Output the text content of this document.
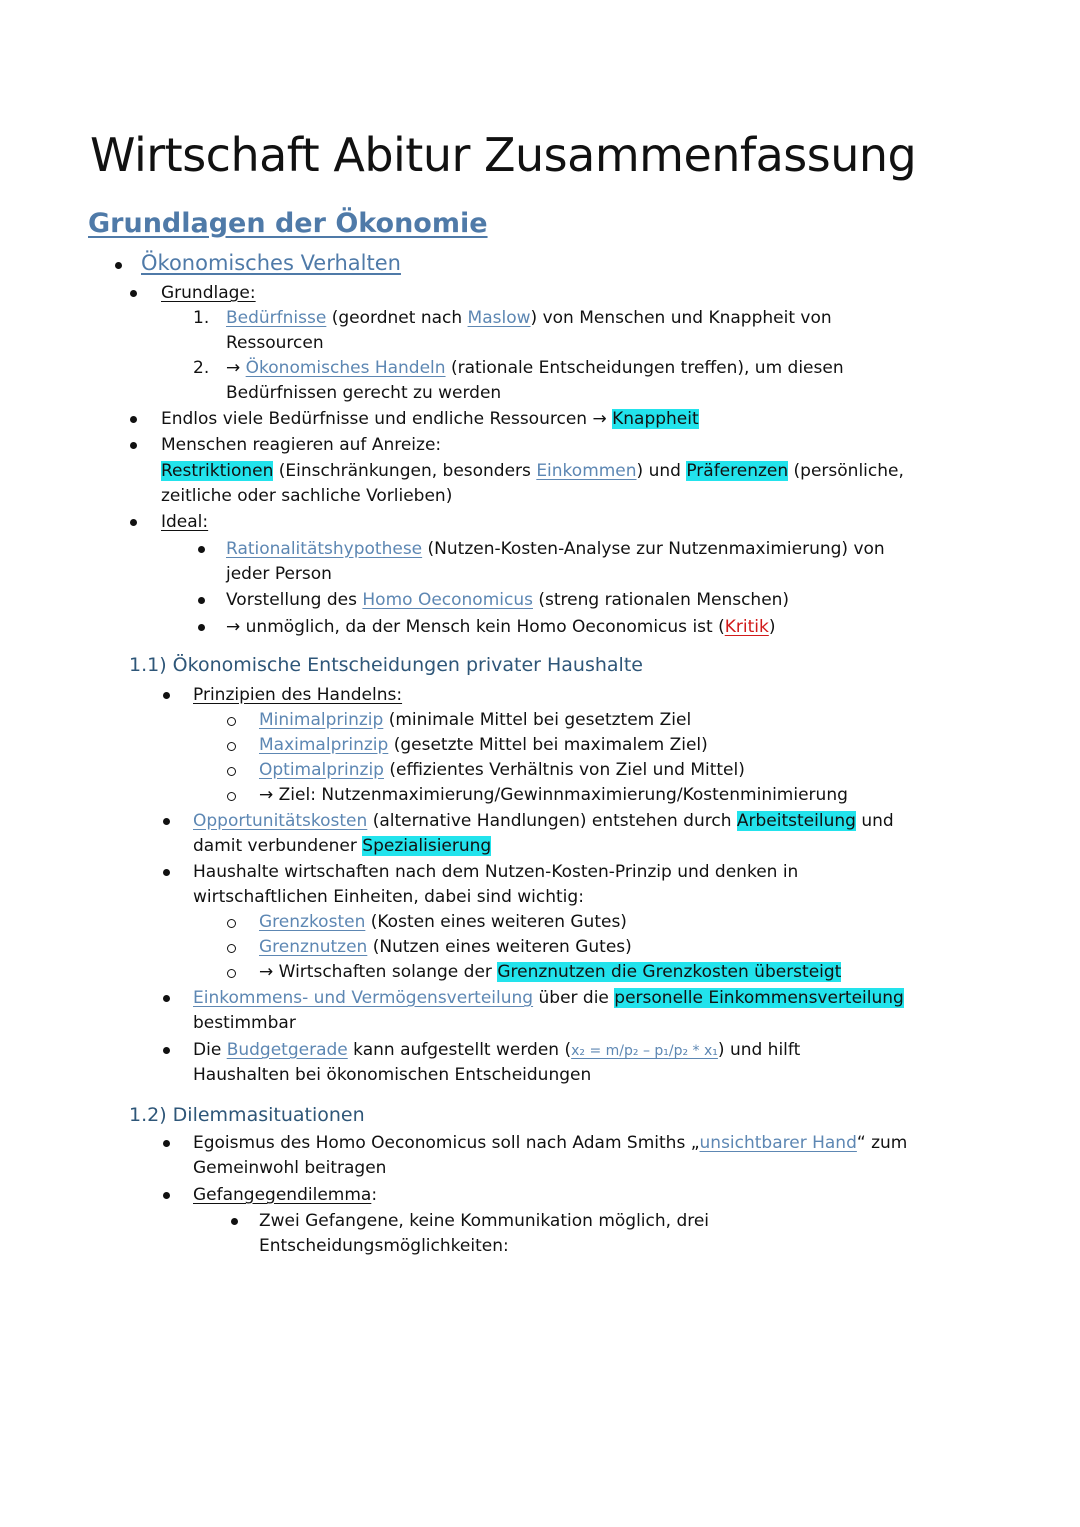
Wirtschaft Abitur Zusammenfassung
Grundlagen der Ökonomie
Ökonomisches Verhalten
Grundlage:
1. Bedürfnisse (geordnet nach Maslow) von Menschen und Knappheit von
Ressourcen
2. → Ökonomisches Handeln (rationale Entscheidungen treffen), um diesen
Bedürfnissen gerecht zu werden
Endlos viele Bedürfnisse und endliche Ressourcen → Knappheit
Menschen reagieren auf Anreize:
Restriktionen (Einschränkungen, besonders Einkommen) und Präferenzen (persönliche,
zeitliche oder sachliche Vorlieben)
Ideal:
Rationalitätshypothese (Nutzen-Kosten-Analyse zur Nutzenmaximierung) von
jeder Person
Vorstellung des Homo Oeconomicus (streng rationalen Menschen)
→ unmöglich, da der Mensch kein Homo Oeconomicus ist (Kritik)
1.1) Ökonomische Entscheidungen privater Haushalte
Prinzipien des Handelns:
Minimalprinzip (minimale Mittel bei gesetztem Ziel
Maximalprinzip (gesetzte Mittel bei maximalem Ziel)
Optimalprinzip (effizientes Verhältnis von Ziel und Mittel)
→ Ziel: Nutzenmaximierung/Gewinnmaximierung/Kostenminimierung
Opportunitätskosten (alternative Handlungen) entstehen durch Arbeitsteilung und
damit verbundener Spezialisierung
Haushalte wirtschaften nach dem Nutzen-Kosten-Prinzip und denken in
wirtschaftlichen Einheiten, dabei sind wichtig:
Grenzkosten (Kosten eines weiteren Gutes)
Grenznutzen (Nutzen eines weiteren Gutes)
→ Wirtschaften solange der Grenznutzen die Grenzkosten übersteigt
Einkommens- und Vermögensverteilung über die personelle Einkommensverteilung
bestimmbar
Die Budgetgerade kann aufgestellt werden (x₂ = m/p₂ – p₁/p₂ * x₁) und hilft
Haushalten bei ökonomischen Entscheidungen
1.2) Dilemmasituationen
Egoismus des Homo Oeconomicus soll nach Adam Smiths „unsichtbarer Hand“ zum
Gemeinwohl beitragen
Gefangegendilemma:
Zwei Gefangene, keine Kommunikation möglich, drei
Entscheidungsmöglichkeiten:
